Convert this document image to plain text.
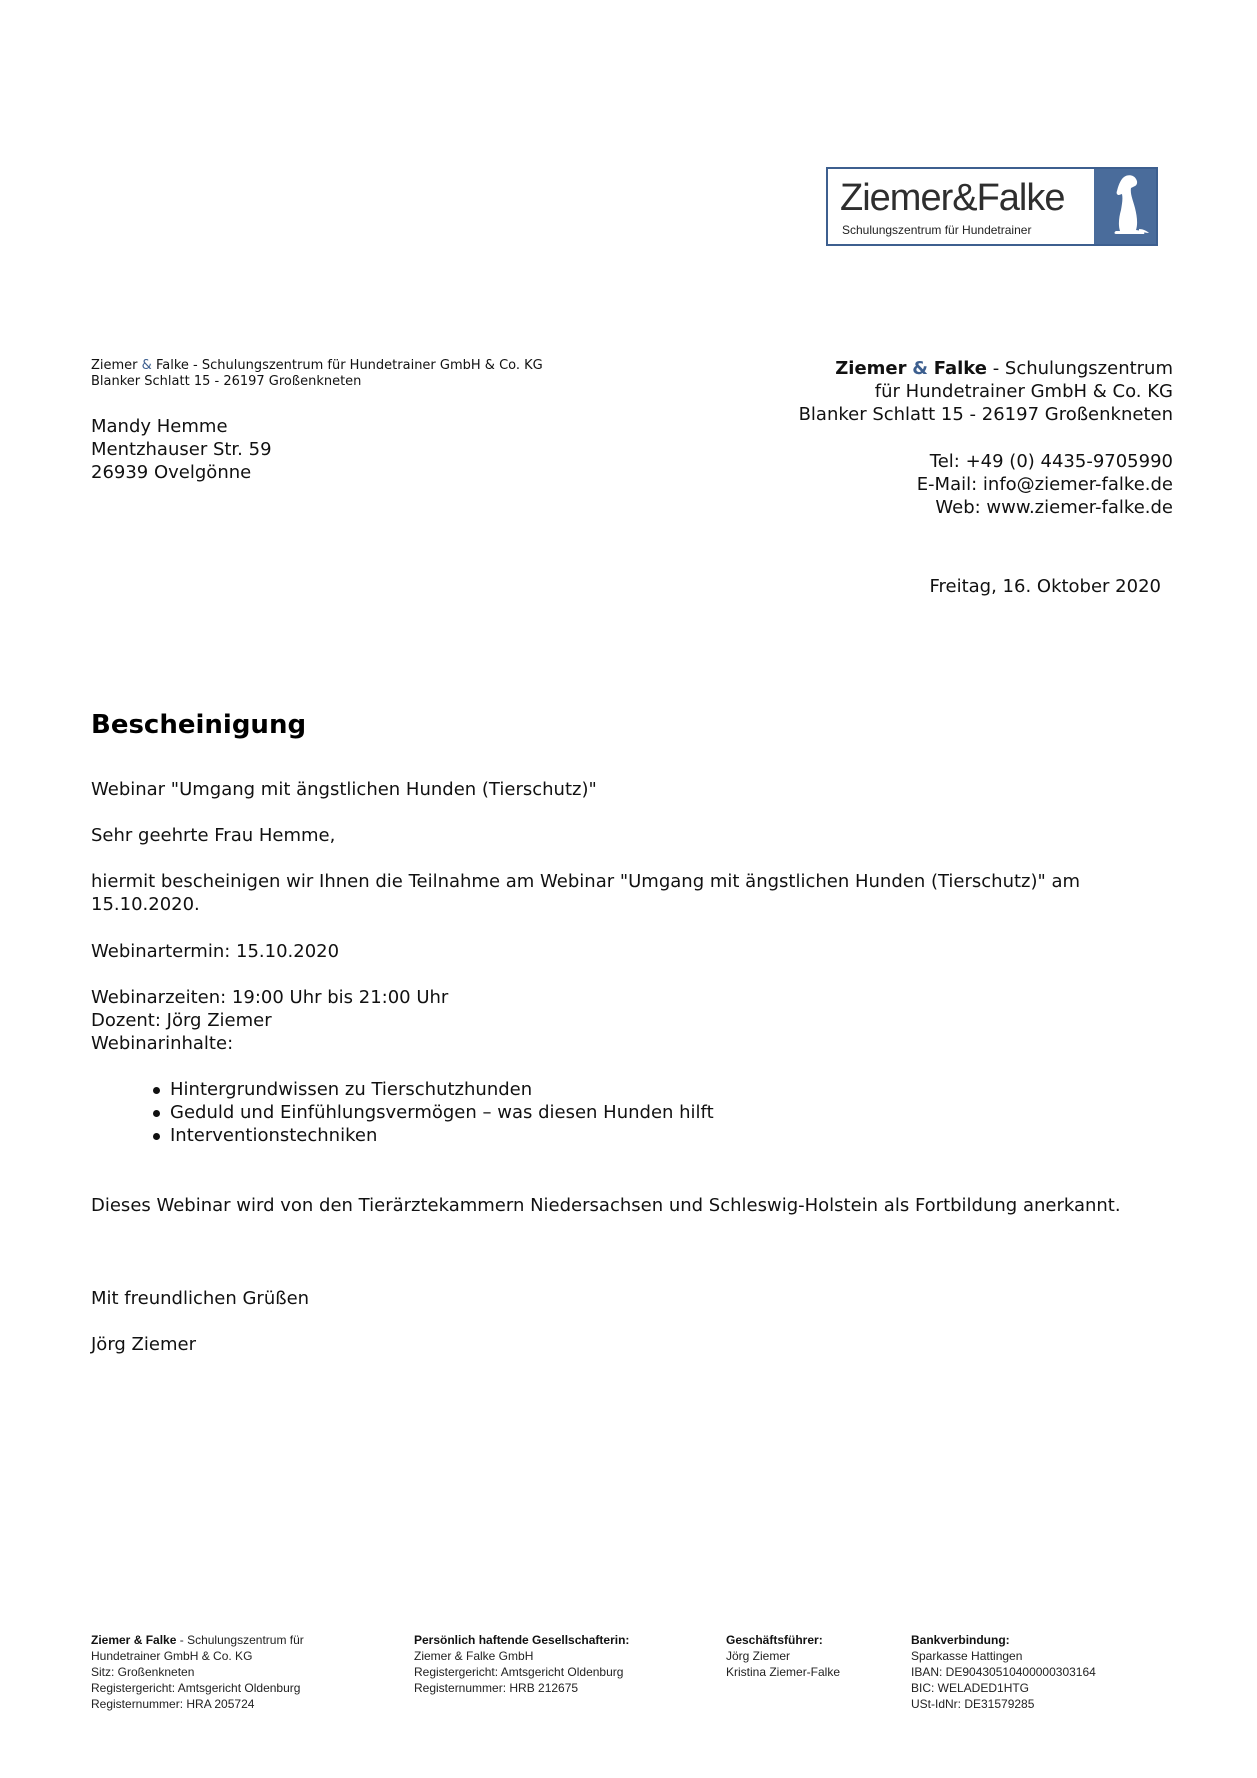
Ziemer&Falke
Schulungszentrum für Hundetrainer
Ziemer & Falke - Schulungszentrum für Hundetrainer GmbH & Co. KG
Blanker Schlatt 15 - 26197 Großenkneten
Mandy Hemme
Mentzhauser Str. 59
26939 Ovelgönne
Ziemer & Falke - Schulungszentrum
für Hundetrainer GmbH & Co. KG
Blanker Schlatt 15 - 26197 Großenkneten
Tel: +49 (0) 4435-9705990
E-Mail: info@ziemer-falke.de
Web: www.ziemer-falke.de
Freitag, 16. Oktober 2020
Bescheinigung
Webinar "Umgang mit ängstlichen Hunden (Tierschutz)"
Sehr geehrte Frau Hemme,
hiermit bescheinigen wir Ihnen die Teilnahme am Webinar "Umgang mit ängstlichen Hunden (Tierschutz)" am
15.10.2020.
Webinartermin: 15.10.2020
Webinarzeiten: 19:00 Uhr bis 21:00 Uhr
Dozent: Jörg Ziemer
Webinarinhalte:
Hintergrundwissen zu Tierschutzhunden
Geduld und Einfühlungsvermögen – was diesen Hunden hilft
Interventionstechniken
Dieses Webinar wird von den Tierärztekammern Niedersachsen und Schleswig-Holstein als Fortbildung anerkannt.
Mit freundlichen Grüßen
Jörg Ziemer
Ziemer & Falke - Schulungszentrum für
Hundetrainer GmbH & Co. KG
Sitz: Großenkneten
Registergericht: Amtsgericht Oldenburg
Registernummer: HRA 205724
Persönlich haftende Gesellschafterin:
Ziemer & Falke GmbH
Registergericht: Amtsgericht Oldenburg
Registernummer: HRB 212675
Geschäftsführer:
Jörg Ziemer
Kristina Ziemer-Falke
Bankverbindung:
Sparkasse Hattingen
IBAN: DE90430510400000303164
BIC: WELADED1HTG
USt-IdNr: DE31579285
